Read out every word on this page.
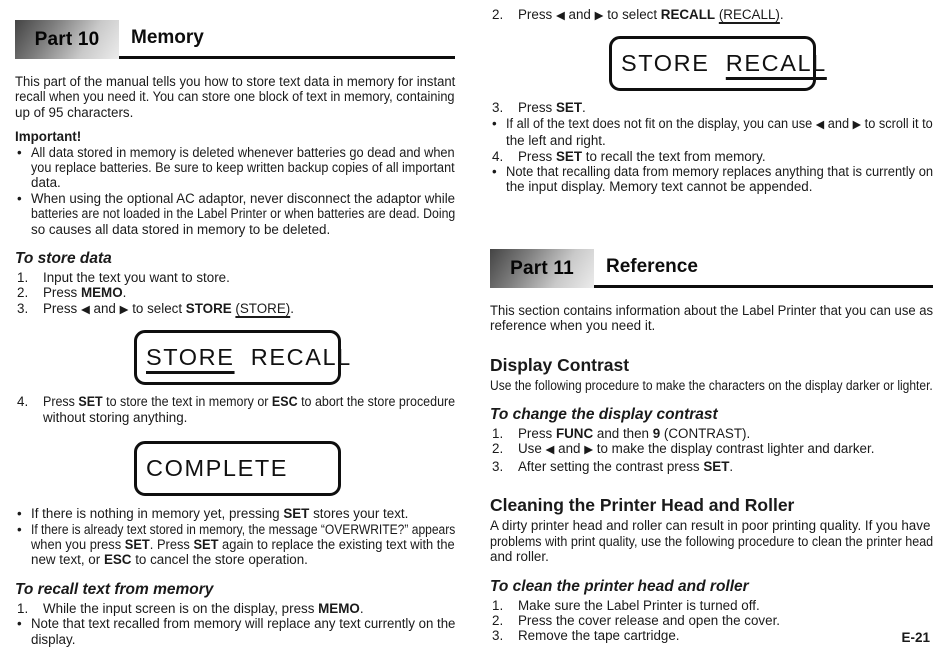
Part 10	Memory
This part of the manual tells you how to store text data in memory for instant
recall when you need it. You can store one block of text in memory, containing
up of 95 characters.
Important!
• All data stored in memory is deleted whenever batteries go dead and when
you replace batteries. Be sure to keep written backup copies of all important
data.
• When using the optional AC adaptor, never disconnect the adaptor while
batteries are not loaded in the Label Printer or when batteries are dead. Doing
so causes all data stored in memory to be deleted.
To store data
1.	Input the text you want to store.
2.	Press MEMO.
3.	Press ◀ and ▶ to select STORE (STORE).
STORE RECALL
4.	Press SET to store the text in memory or ESC to abort the store procedure
without storing anything.
COMPLETE
• If there is nothing in memory yet, pressing SET stores your text.
• If there is already text stored in memory, the message “OVERWRITE?” appears
when you press SET. Press SET again to replace the existing text with the
new text, or ESC to cancel the store operation.
To recall text from memory
1.	While the input screen is on the display, press MEMO.
• Note that text recalled from memory will replace any text currently on the
display.
2.	Press ◀ and ▶ to select RECALL (RECALL).
STORE RECALL
3.	Press SET.
• If all of the text does not fit on the display, you can use ◀ and ▶ to scroll it to
the left and right.
4.	Press SET to recall the text from memory.
• Note that recalling data from memory replaces anything that is currently on
the input display. Memory text cannot be appended.
Part 11	Reference
This section contains information about the Label Printer that you can use as
reference when you need it.
Display Contrast
Use the following procedure to make the characters on the display darker or lighter.
To change the display contrast
1.	Press FUNC and then 9 (CONTRAST).
2.	Use ◀ and ▶ to make the display contrast lighter and darker.
3.	After setting the contrast press SET.
Cleaning the Printer Head and Roller
A dirty printer head and roller can result in poor printing quality. If you have
problems with print quality, use the following procedure to clean the printer head
and roller.
To clean the printer head and roller
1.	Make sure the Label Printer is turned off.
2.	Press the cover release and open the cover.
3.	Remove the tape cartridge.	E-21
